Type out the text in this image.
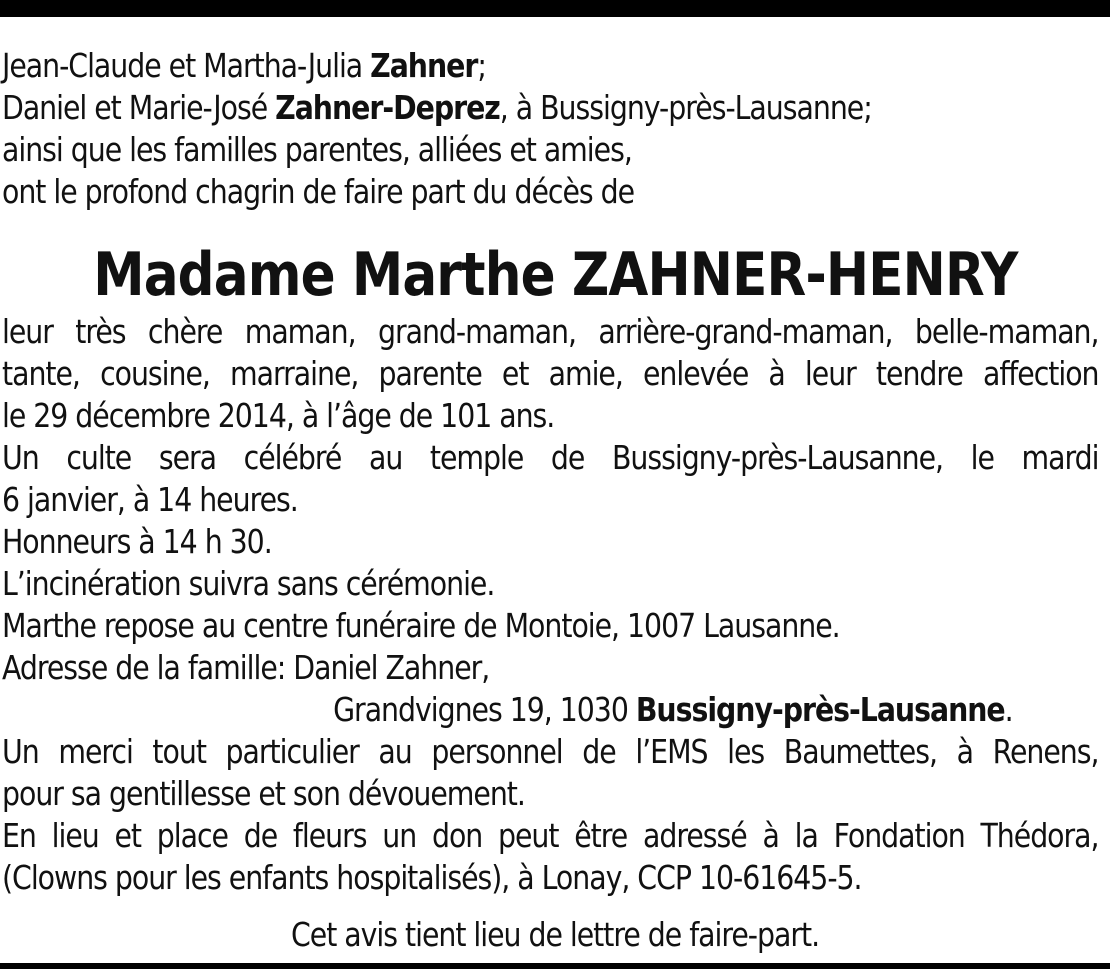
Jean-Claude et Martha-Julia Zahner;
Daniel et Marie-José Zahner-Deprez, à Bussigny-près-Lausanne;
ainsi que les familles parentes, alliées et amies,
ont le profond chagrin de faire part du décès de
Madame Marthe ZAHNER-HENRY
leur très chère maman, grand-maman, arrière-grand-maman, belle-maman,
tante, cousine, marraine, parente et amie, enlevée à leur tendre affection
le 29 décembre 2014, à l’âge de 101 ans.
Un culte sera célébré au temple de Bussigny-près-Lausanne, le mardi
6 janvier, à 14 heures.
Honneurs à 14 h 30.
L’incinération suivra sans cérémonie.
Marthe repose au centre funéraire de Montoie, 1007 Lausanne.
Adresse de la famille: Daniel Zahner,
Grandvignes 19, 1030 Bussigny-près-Lausanne.
Un merci tout particulier au personnel de l’EMS les Baumettes, à Renens,
pour sa gentillesse et son dévouement.
En lieu et place de fleurs un don peut être adressé à la Fondation Thédora,
(Clowns pour les enfants hospitalisés), à Lonay, CCP 10-61645-5.
Cet avis tient lieu de lettre de faire-part.
